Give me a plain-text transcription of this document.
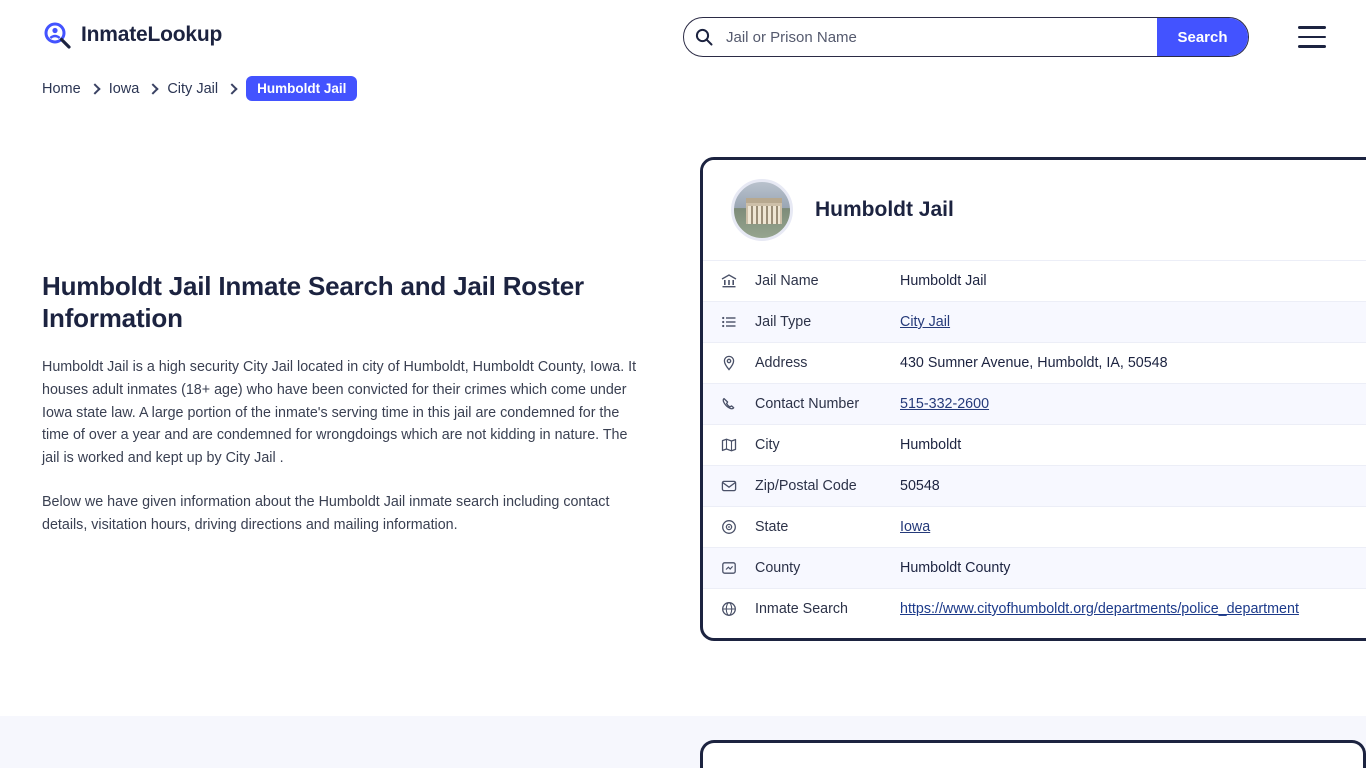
InmateLookup
Jail or Prison Name	Search
Home Iowa City Jail	Humboldt Jail
Humboldt Jail Inmate Search and Jail Roster Information

Humboldt Jail is a high security City Jail located in city of Humboldt, Humboldt County, Iowa. It houses adult inmates (18+ age) who have been convicted for their crimes which come under Iowa state law. A large portion of the inmate's serving time in this jail are condemned for the time of over a year and are condemned for wrongdoings which are not kidding in nature. The jail is worked and kept up by City Jail .

Below we have given information about the Humboldt Jail inmate search including contact details, visitation hours, driving directions and mailing information.

Humboldt Jail
Jail Name	Humboldt Jail
Jail Type	City Jail
Address	430 Sumner Avenue, Humboldt, IA, 50548
Contact Number	515-332-2600
City	Humboldt
Zip/Postal Code	50548
State	Iowa
County	Humboldt County
Inmate Search	https://www.cityofhumboldt.org/departments/police_department
